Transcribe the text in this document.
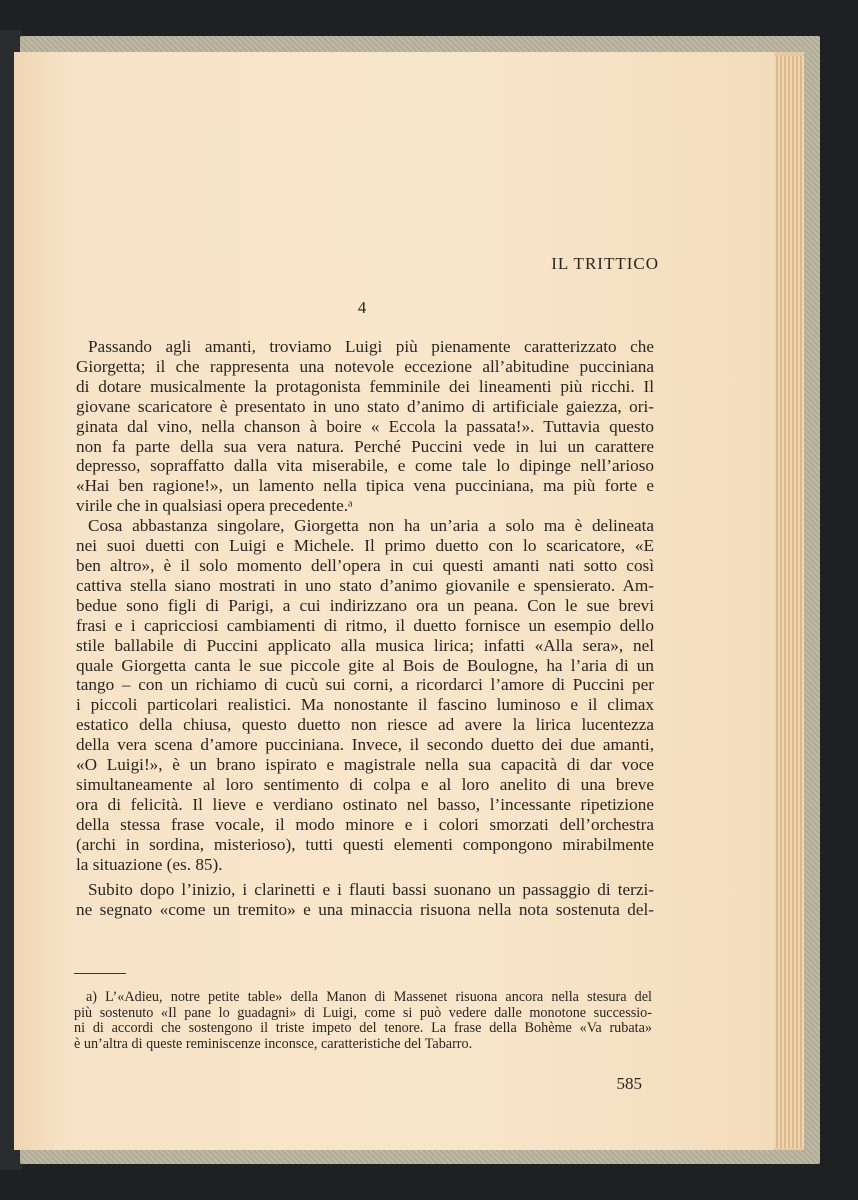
IL TRITTICO
4
Passando agli amanti, troviamo Luigi più pienamente caratterizzato che
Giorgetta; il che rappresenta una notevole eccezione all’abitudine pucciniana
di dotare musicalmente la protagonista femminile dei lineamenti più ricchi. Il
giovane scaricatore è presentato in uno stato d’animo di artificiale gaiezza, ori-
ginata dal vino, nella chanson à boire « Eccola la passata!». Tuttavia questo
non fa parte della sua vera natura. Perché Puccini vede in lui un carattere
depresso, sopraffatto dalla vita miserabile, e come tale lo dipinge nell’arioso
«Hai ben ragione!», un lamento nella tipica vena pucciniana, ma più forte e
virile che in qualsiasi opera precedente.ᵃ
Cosa abbastanza singolare, Giorgetta non ha un’aria a solo ma è delineata
nei suoi duetti con Luigi e Michele. Il primo duetto con lo scaricatore, «E
ben altro», è il solo momento dell’opera in cui questi amanti nati sotto così
cattiva stella siano mostrati in uno stato d’animo giovanile e spensierato. Am-
bedue sono figli di Parigi, a cui indirizzano ora un peana. Con le sue brevi
frasi e i capricciosi cambiamenti di ritmo, il duetto fornisce un esempio dello
stile ballabile di Puccini applicato alla musica lirica; infatti «Alla sera», nel
quale Giorgetta canta le sue piccole gite al Bois de Boulogne, ha l’aria di un
tango – con un richiamo di cucù sui corni, a ricordarci l’amore di Puccini per
i piccoli particolari realistici. Ma nonostante il fascino luminoso e il climax
estatico della chiusa, questo duetto non riesce ad avere la lirica lucentezza
della vera scena d’amore pucciniana. Invece, il secondo duetto dei due amanti,
«O Luigi!», è un brano ispirato e magistrale nella sua capacità di dar voce
simultaneamente al loro sentimento di colpa e al loro anelito di una breve
ora di felicità. Il lieve e verdiano ostinato nel basso, l’incessante ripetizione
della stessa frase vocale, il modo minore e i colori smorzati dell’orchestra
(archi in sordina, misterioso), tutti questi elementi compongono mirabilmente
la situazione (es. 85).
Subito dopo l’inizio, i clarinetti e i flauti bassi suonano un passaggio di terzi-
ne segnato «come un tremito» e una minaccia risuona nella nota sostenuta del-
a) L’«Adieu, notre petite table» della Manon di Massenet risuona ancora nella stesura del
più sostenuto «Il pane lo guadagni» di Luigi, come si può vedere dalle monotone successio-
ni di accordi che sostengono il triste impeto del tenore. La frase della Bohème «Va rubata»
è un’altra di queste reminiscenze inconsce, caratteristiche del Tabarro.
585
